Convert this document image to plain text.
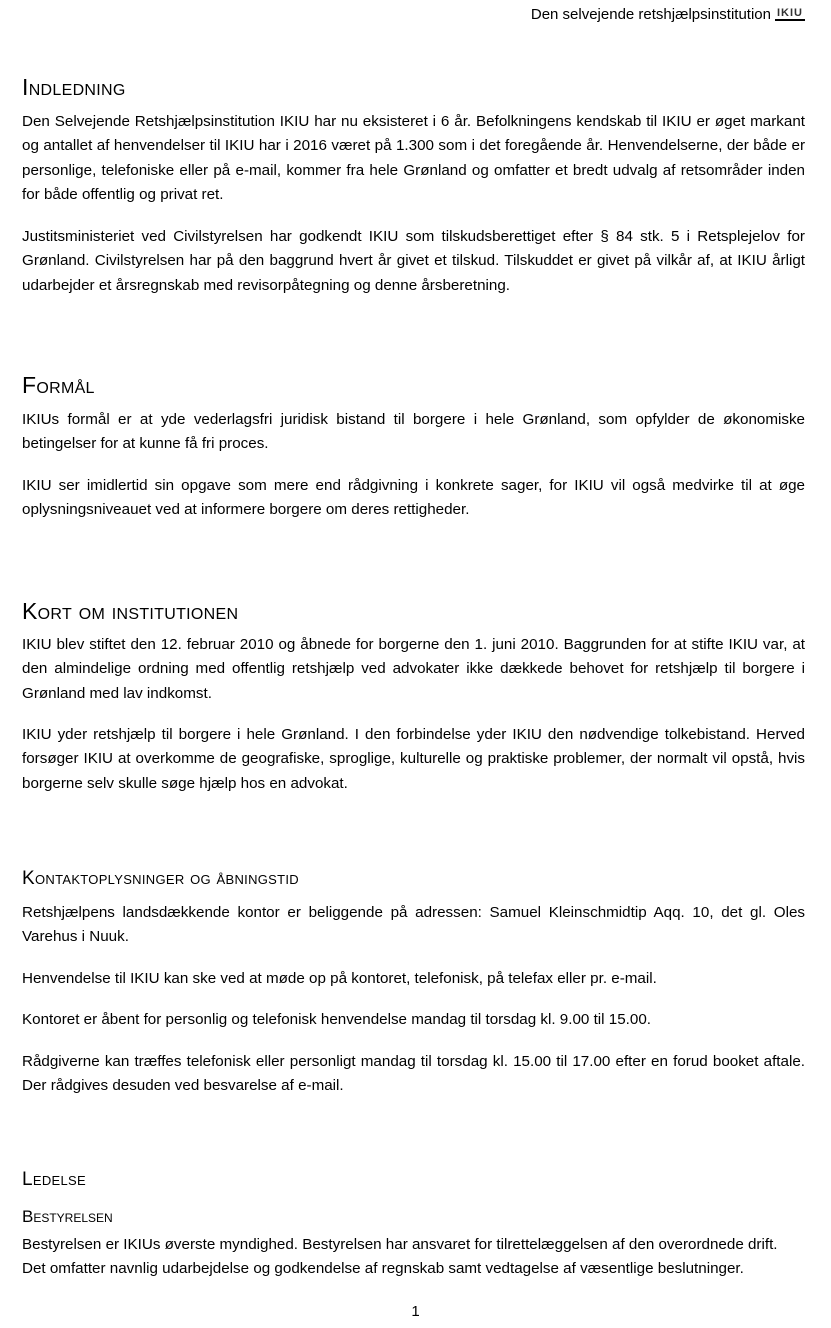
Den selvejende retshjælpsinstitution IKIU
Indledning

Den Selvejende Retshjælpsinstitution IKIU har nu eksisteret i 6 år. Befolkningens kendskab til IKIU er øget markant og antallet af henvendelser til IKIU har i 2016 været på 1.300 som i det foregående år. Henvendelserne, der både er personlige, telefoniske eller på e-mail, kommer fra hele Grønland og omfatter et bredt udvalg af retsområder inden for både offentlig og privat ret.

Justitsministeriet ved Civilstyrelsen har godkendt IKIU som tilskudsberettiget efter § 84 stk. 5 i Retsplejelov for Grønland. Civilstyrelsen har på den baggrund hvert år givet et tilskud. Tilskuddet er givet på vilkår af, at IKIU årligt udarbejder et årsregnskab med revisorpåtegning og denne årsberetning.

Formål

IKIUs formål er at yde vederlagsfri juridisk bistand til borgere i hele Grønland, som opfylder de økonomiske betingelser for at kunne få fri proces.

IKIU ser imidlertid sin opgave som mere end rådgivning i konkrete sager, for IKIU vil også medvirke til at øge oplysningsniveauet ved at informere borgere om deres rettigheder.

Kort om institutionen

IKIU blev stiftet den 12. februar 2010 og åbnede for borgerne den 1. juni 2010. Baggrunden for at stifte IKIU var, at den almindelige ordning med offentlig retshjælp ved advokater ikke dækkede behovet for retshjælp til borgere i Grønland med lav indkomst.

IKIU yder retshjælp til borgere i hele Grønland. I den forbindelse yder IKIU den nødvendige tolkebistand. Herved forsøger IKIU at overkomme de geografiske, sproglige, kulturelle og praktiske problemer, der normalt vil opstå, hvis borgerne selv skulle søge hjælp hos en advokat.

Kontaktoplysninger og åbningstid

Retshjælpens landsdækkende kontor er beliggende på adressen: Samuel Kleinschmidtip Aqq. 10, det gl. Oles Varehus i Nuuk.

Henvendelse til IKIU kan ske ved at møde op på kontoret, telefonisk, på telefax eller pr. e-mail.

Kontoret er åbent for personlig og telefonisk henvendelse mandag til torsdag kl. 9.00 til 15.00.

Rådgiverne kan træffes telefonisk eller personligt mandag til torsdag kl. 15.00 til 17.00 efter en forud booket aftale. Der rådgives desuden ved besvarelse af e-mail.

Ledelse
Bestyrelsen

Bestyrelsen er IKIUs øverste myndighed. Bestyrelsen har ansvaret for tilrettelæggelsen af den overordnede drift. Det omfatter navnlig udarbejdelse og godkendelse af regnskab samt vedtagelse af væsentlige beslutninger.

1
